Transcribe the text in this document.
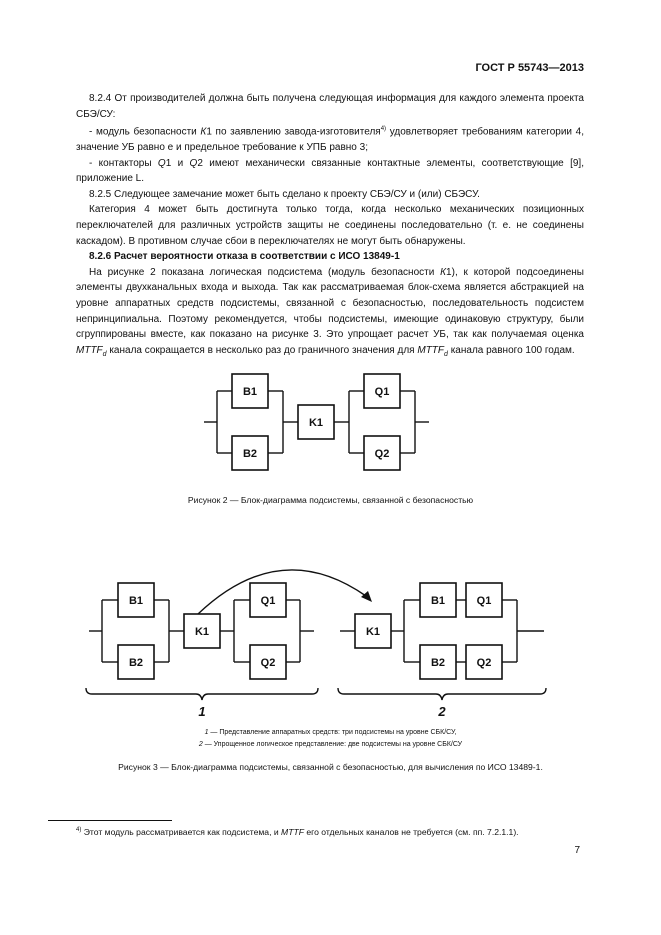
ГОСТ Р 55743—2013

8.2.4 От производителей должна быть получена следующая информация для каждого элемента проекта СБЭ/СУ:

- модуль безопасности К1 по заявлению завода-изготовителя$^{4)}$ удовлетворяет требованиям категории 4, значение УБ равно е и предельное требование к УПБ равно 3;

- контакторы Q1 и Q2 имеют механически связанные контактные элементы, соответствующие [9], приложение L.

8.2.5 Следующее замечание может быть сделано к проекту СБЭ/СУ и (или) СБЭСУ.

Категория 4 может быть достигнута только тогда, когда несколько механических позиционных переключателей для различных устройств защиты не соединены последовательно (т. е. не соединены каскадом). В противном случае сбои в переключателях не могут быть обнаружены.

8.2.6 Расчет вероятности отказа в соответствии с ИСО 13849-1

На рисунке 2 показана логическая подсистема (модуль безопасности К1), к которой подсоединены элементы двухканальных входа и выхода. Так как рассматриваемая блок-схема является абстракцией на уровне аппаратных средств подсистемы, связанной с безопасностью, последовательность подсистем непринципиальна. Поэтому рекомендуется, чтобы подсистемы, имеющие одинаковую структуру, были сгруппированы вместе, как показано на рисунке 3. Это упрощает расчет УБ, так как получаемая оценка $MTTF_d$ канала сокращается в несколько раз до граничного значения для $MTTF_d$ канала равного 100 годам.

B1
B2
K1
Q1
Q2
Рисунок 2 — Блок-диаграмма подсистемы, связанной с безопасностью
B1
B2
K1
Q1
Q2
K1
B1
B2
Q1
Q2
1	2
1 — Представление аппаратных средств: три подсистемы на уровне СБК/СУ,
2 — Упрощенное логическое представление: две подсистемы на уровне СБК/СУ
Рисунок 3 — Блок-диаграмма подсистемы, связанной с безопасностью, для вычисления по ИСО 13489-1.
$^{4)}$ Этот модуль рассматривается как подсистема, и MTTF его отдельных каналов не требуется (см. пп. 7.2.1.1).
7
